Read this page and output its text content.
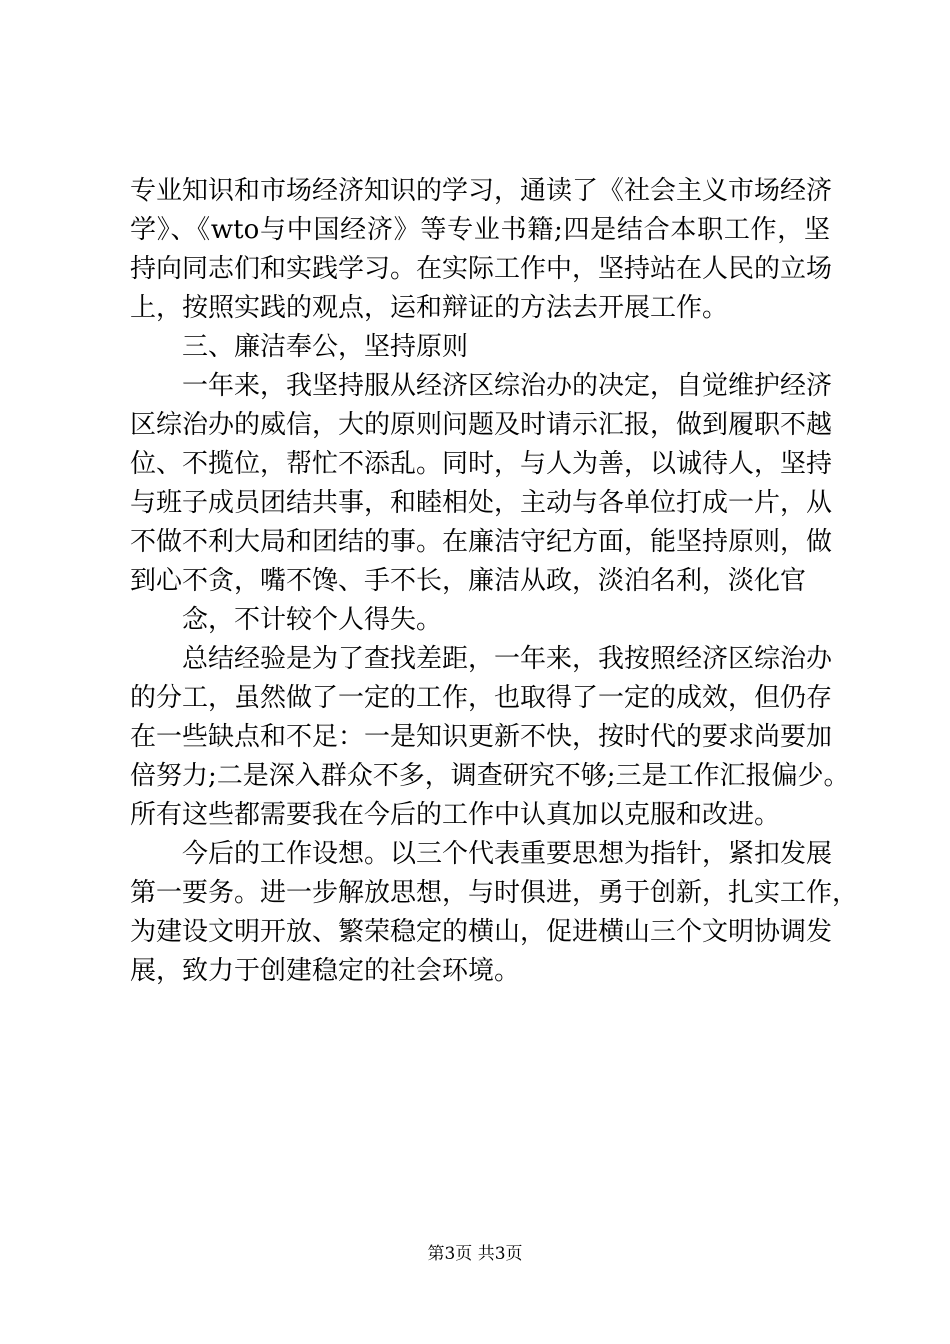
专业知识和市场经济知识的学习，通读了《社会主义市场经济
学》、《wto与中国经济》等专业书籍;四是结合本职工作，坚
持向同志们和实践学习。在实际工作中，坚持站在人民的立场
上，按照实践的观点，运和辩证的方法去开展工作。
三、廉洁奉公，坚持原则
一年来，我坚持服从经济区综治办的决定，自觉维护经济
区综治办的威信，大的原则问题及时请示汇报，做到履职不越
位、不揽位，帮忙不添乱。同时，与人为善，以诚待人，坚持
与班子成员团结共事，和睦相处，主动与各单位打成一片，从
不做不利大局和团结的事。在廉洁守纪方面，能坚持原则，做
到心不贪，嘴不馋、手不长，廉洁从政，淡泊名利，淡化官
念，不计较个人得失。
总结经验是为了查找差距，一年来，我按照经济区综治办
的分工，虽然做了一定的工作，也取得了一定的成效，但仍存
在一些缺点和不足：一是知识更新不快，按时代的要求尚要加
倍努力;二是深入群众不多，调查研究不够;三是工作汇报偏少。
所有这些都需要我在今后的工作中认真加以克服和改进。
今后的工作设想。以三个代表重要思想为指针，紧扣发展
第一要务。进一步解放思想，与时俱进，勇于创新，扎实工作，
为建设文明开放、繁荣稳定的横山，促进横山三个文明协调发
展，致力于创建稳定的社会环境。
第3页 共3页
